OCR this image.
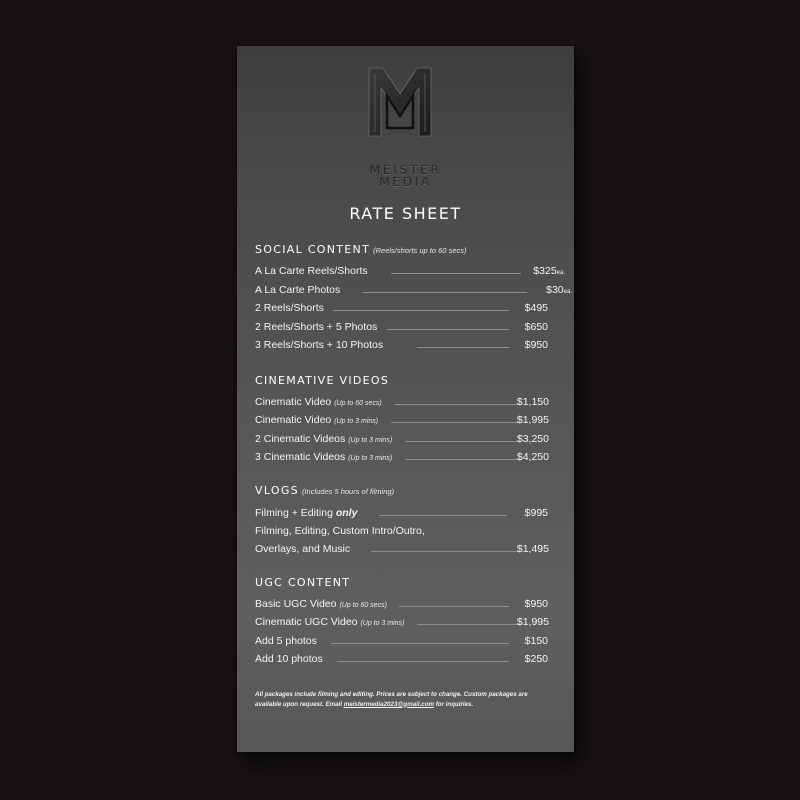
MEISTER
MEDIA
RATE SHEET
SOCIAL CONTENT (Reels/shorts up to 60 secs)
A La Carte Reels/Shorts	$325ea.
A La Carte Photos	$30ea.
2 Reels/Shorts	$495
2 Reels/Shorts + 5 Photos	$650
3 Reels/Shorts + 10 Photos	$950
CINEMATIVE VIDEOS
Cinematic Video (Up to 60 secs)	$1,150
Cinematic Video (Up to 3 mins)	$1,995
2 Cinematic Videos (Up to 3 mins)	$3,250
3 Cinematic Videos (Up to 3 mins)	$4,250
VLOGS (Includes 5 hours of filming)
Filming + Editing only	$995
Filming, Editing, Custom Intro/Outro,
Overlays, and Music	$1,495
UGC CONTENT
Basic UGC Video (Up to 60 secs)	$950
Cinematic UGC Video (Up to 3 mins)	$1,995
Add 5 photos	$150
Add 10 photos	$250
All packages include filming and editing. Prices are subject to change. Custom packages are available upon request. Email meistermedia2023@gmail.com for inquiries.
